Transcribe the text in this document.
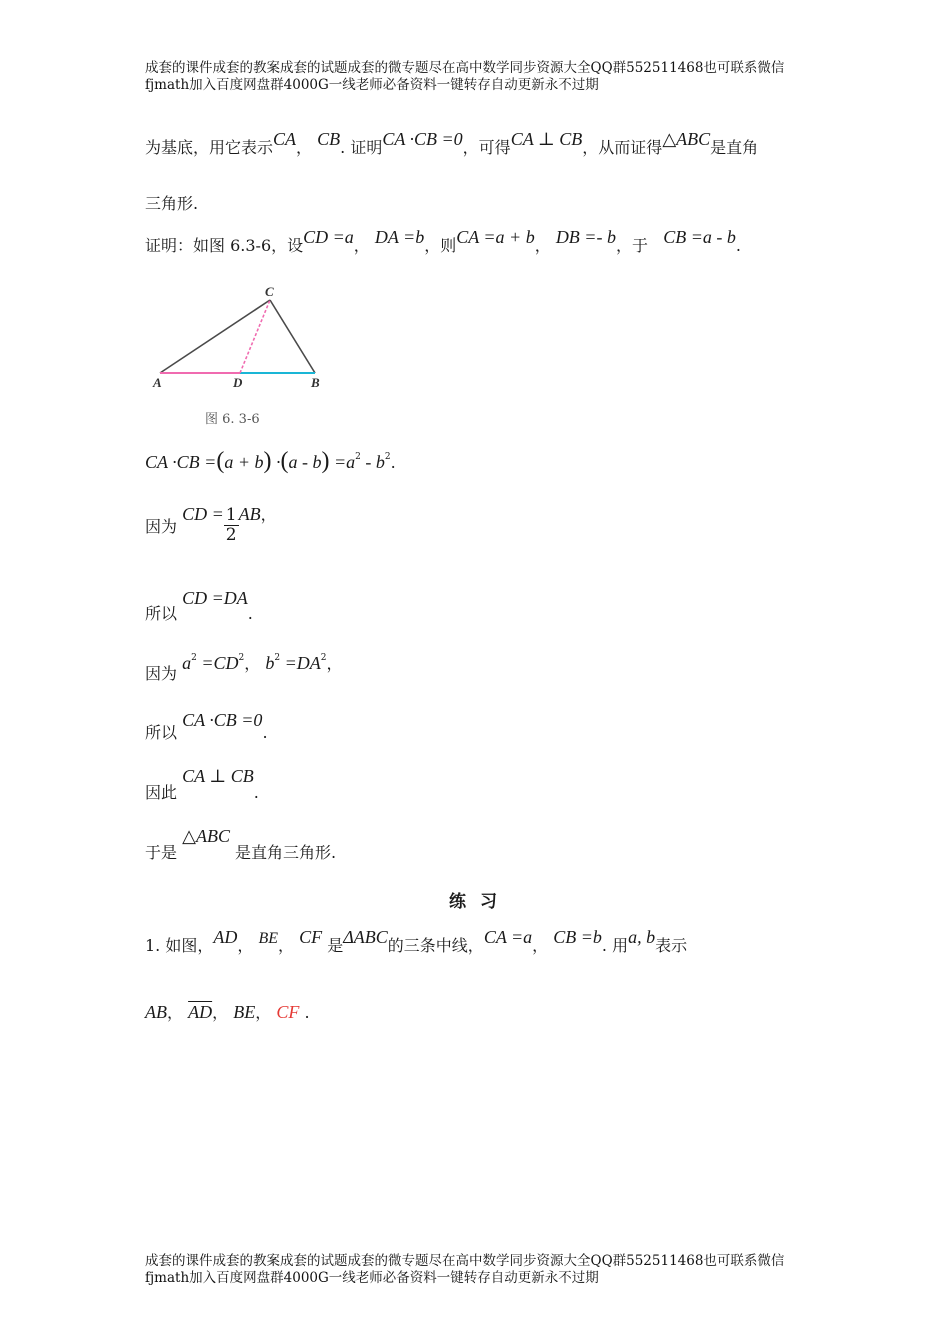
成套的课件成套的教案成套的试题成套的微专题尽在高中数学同步资源大全QQ群552511468也可联系微信fjmath加入百度网盘群4000G一线老师必备资料一键转存自动更新永不过期
为基底，用它表示CA， CB. 证明CA ·CB =0，可得CA ⊥ CB，从而证得△ABC是直角
三角形.
证明：如图 6.3-6，设CD =a， DA =b，则CA =a + b， DB =- b，于 CB =a - b.
A	D	B
C
图 6. 3-6
CA $\cdot CB =(a + b) \cdot(a - b) =a^2 - b^2$.
因为 CD = $\frac{1}{2}$ AB，
所以 CD =DA.
因为 $a^2 =CD^2$， $b^2 =DA^2$，
所以 CA ·CB =0.
因此 CA ⊥ CB.
于是 △ABC 是直角三角形.
练 习
1. 如图，AD， BE， CF 是ΔABC的三条中线，CA =a， CB =b. 用a, b表示
AB， $\overline{AD}$， BE， CF .
成套的课件成套的教案成套的试题成套的微专题尽在高中数学同步资源大全QQ群552511468也可联系微信fjmath加入百度网盘群4000G一线老师必备资料一键转存自动更新永不过期
